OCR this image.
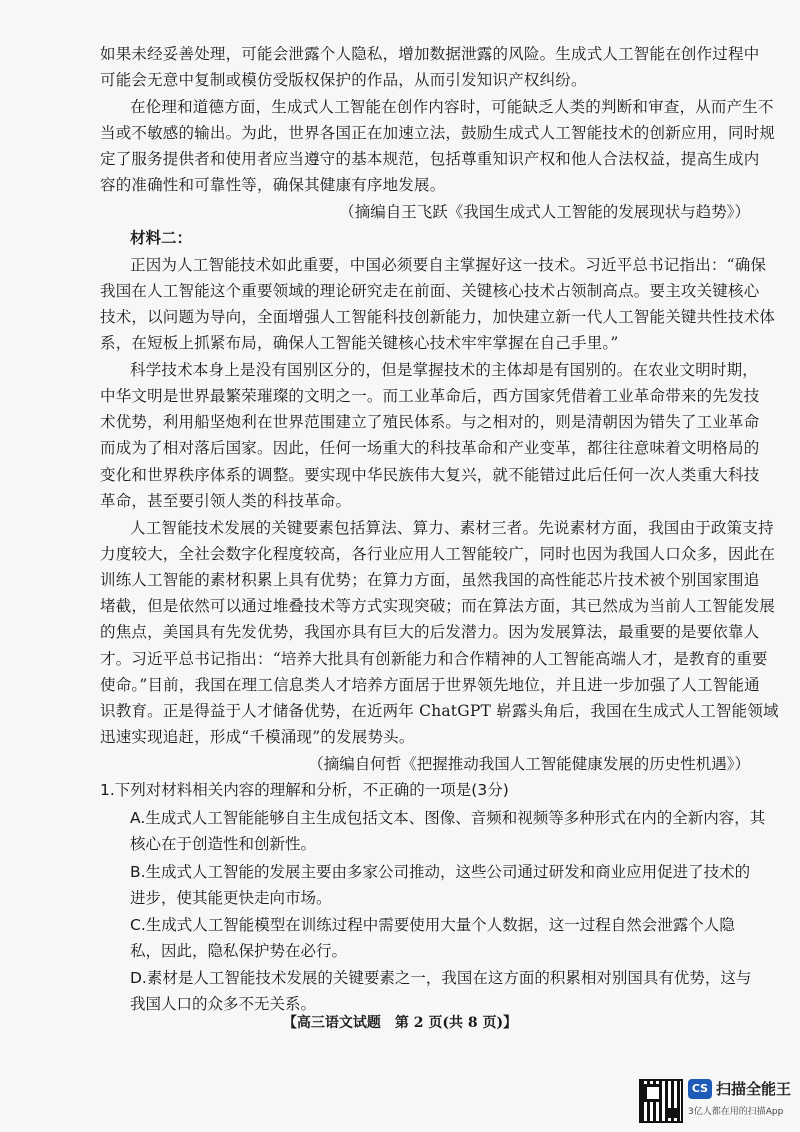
如果未经妥善处理，可能会泄露个人隐私，增加数据泄露的风险。生成式人工智能在创作过程中
可能会无意中复制或模仿受版权保护的作品，从而引发知识产权纠纷。
在伦理和道德方面，生成式人工智能在创作内容时，可能缺乏人类的判断和审查，从而产生不
当或不敏感的输出。为此，世界各国正在加速立法，鼓励生成式人工智能技术的创新应用，同时规
定了服务提供者和使用者应当遵守的基本规范，包括尊重知识产权和他人合法权益，提高生成内
容的准确性和可靠性等，确保其健康有序地发展。
（摘编自王飞跃《我国生成式人工智能的发展现状与趋势》）
材料二：
正因为人工智能技术如此重要，中国必须要自主掌握好这一技术。习近平总书记指出：“确保
我国在人工智能这个重要领域的理论研究走在前面、关键核心技术占领制高点。要主攻关键核心
技术，以问题为导向，全面增强人工智能科技创新能力，加快建立新一代人工智能关键共性技术体
系，在短板上抓紧布局，确保人工智能关键核心技术牢牢掌握在自己手里。”
科学技术本身上是没有国别区分的，但是掌握技术的主体却是有国别的。在农业文明时期，
中华文明是世界最繁荣璀璨的文明之一。而工业革命后，西方国家凭借着工业革命带来的先发技
术优势，利用船坚炮利在世界范围建立了殖民体系。与之相对的，则是清朝因为错失了工业革命
而成为了相对落后国家。因此，任何一场重大的科技革命和产业变革，都往往意味着文明格局的
变化和世界秩序体系的调整。要实现中华民族伟大复兴，就不能错过此后任何一次人类重大科技
革命，甚至要引领人类的科技革命。
人工智能技术发展的关键要素包括算法、算力、素材三者。先说素材方面，我国由于政策支持
力度较大，全社会数字化程度较高，各行业应用人工智能较广，同时也因为我国人口众多，因此在
训练人工智能的素材积累上具有优势；在算力方面，虽然我国的高性能芯片技术被个别国家围追
堵截，但是依然可以通过堆叠技术等方式实现突破；而在算法方面，其已然成为当前人工智能发展
的焦点，美国具有先发优势，我国亦具有巨大的后发潜力。因为发展算法，最重要的是要依靠人
才。习近平总书记指出：“培养大批具有创新能力和合作精神的人工智能高端人才，是教育的重要
使命。”目前，我国在理工信息类人才培养方面居于世界领先地位，并且进一步加强了人工智能通
识教育。正是得益于人才储备优势，在近两年 ChatGPT 崭露头角后，我国在生成式人工智能领域
迅速实现追赶，形成“千模涌现”的发展势头。
（摘编自何哲《把握推动我国人工智能健康发展的历史性机遇》）
1.下列对材料相关内容的理解和分析，不正确的一项是(3分)
A.生成式人工智能能够自主生成包括文本、图像、音频和视频等多种形式在内的全新内容，其
核心在于创造性和创新性。
B.生成式人工智能的发展主要由多家公司推动，这些公司通过研发和商业应用促进了技术的
进步，使其能更快走向市场。
C.生成式人工智能模型在训练过程中需要使用大量个人数据，这一过程自然会泄露个人隐
私，因此，隐私保护势在必行。
D.素材是人工智能技术发展的关键要素之一，我国在这方面的积累相对别国具有优势，这与
我国人口的众多不无关系。
【高三语文试题　第 2 页(共 8 页)】
CS 扫描全能王
3亿人都在用的扫描App
